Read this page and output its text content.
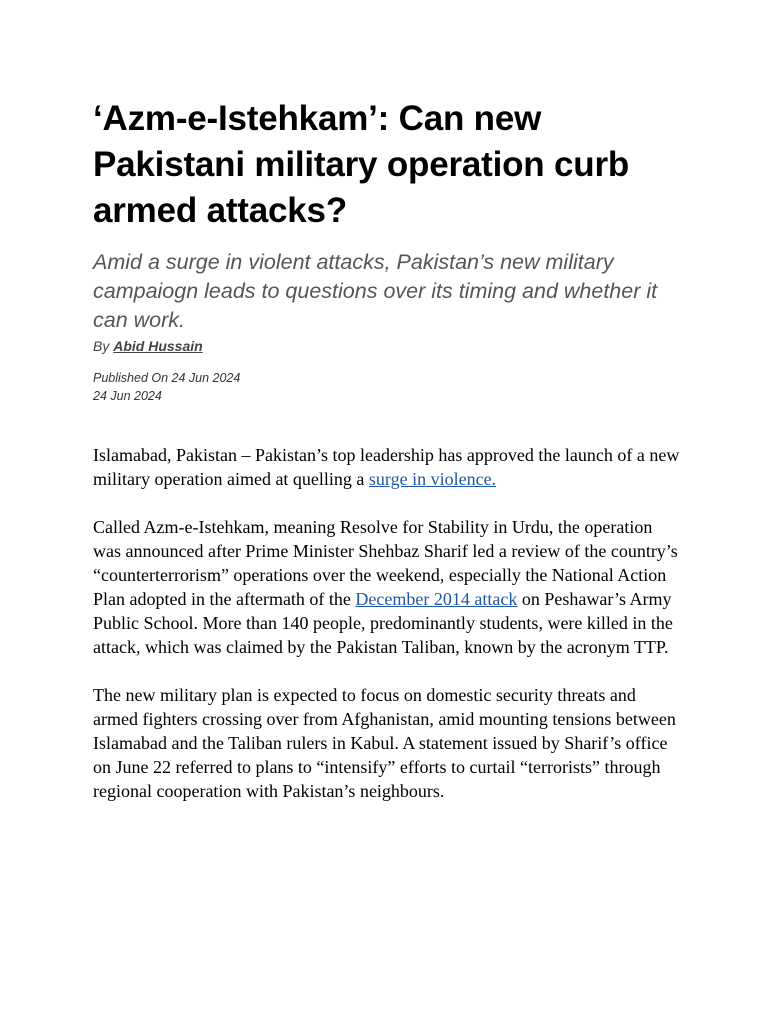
‘Azm-e-Istehkam’: Can new Pakistani military operation curb armed attacks?

Amid a surge in violent attacks, Pakistan’s new military campaiogn leads to questions over its timing and whether it can work.

By Abid Hussain
Published On 24 Jun 2024
24 Jun 2024

Islamabad, Pakistan – Pakistan’s top leadership has approved the launch of a new military operation aimed at quelling a surge in violence.

Called Azm-e-Istehkam, meaning Resolve for Stability in Urdu, the operation was announced after Prime Minister Shehbaz Sharif led a review of the country’s “counterterrorism” operations over the weekend, especially the National Action Plan adopted in the aftermath of the December 2014 attack on Peshawar’s Army Public School. More than 140 people, predominantly students, were killed in the attack, which was claimed by the Pakistan Taliban, known by the acronym TTP.

The new military plan is expected to focus on domestic security threats and armed fighters crossing over from Afghanistan, amid mounting tensions between Islamabad and the Taliban rulers in Kabul. A statement issued by Sharif’s office on June 22 referred to plans to “intensify” efforts to curtail “terrorists” through regional cooperation with Pakistan’s neighbours.
